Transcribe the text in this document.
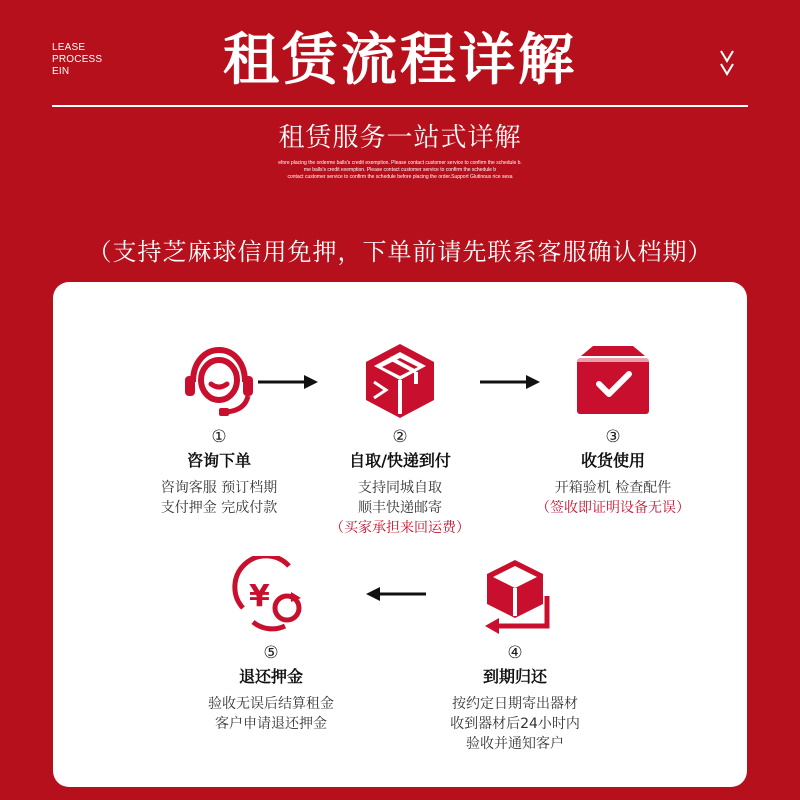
LEASE PROCESS EIN	租赁流程详解
租赁服务一站式详解
efore placing the orderme balls's credit exemption. Please contact customer service to confirm the schedule b.
me balls's credit exemption. Please contact customer service to confirm the schedule b
contact customer service to confirm the schedule before placing the order.Support Glutinous rice sesa
（支持芝麻球信用免押，下单前请先联系客服确认档期）
①
咨询下单
咨询客服 预订档期
支付押金 完成付款
②
自取/快递到付
支持同城自取
顺丰快递邮寄
（买家承担来回运费）
③
收货使用
开箱验机 检查配件
（签收即证明设备无误）
¥
⑤
退还押金
验收无误后结算租金
客户申请退还押金
④
到期归还
按约定日期寄出器材
收到器材后24小时内
验收并通知客户
